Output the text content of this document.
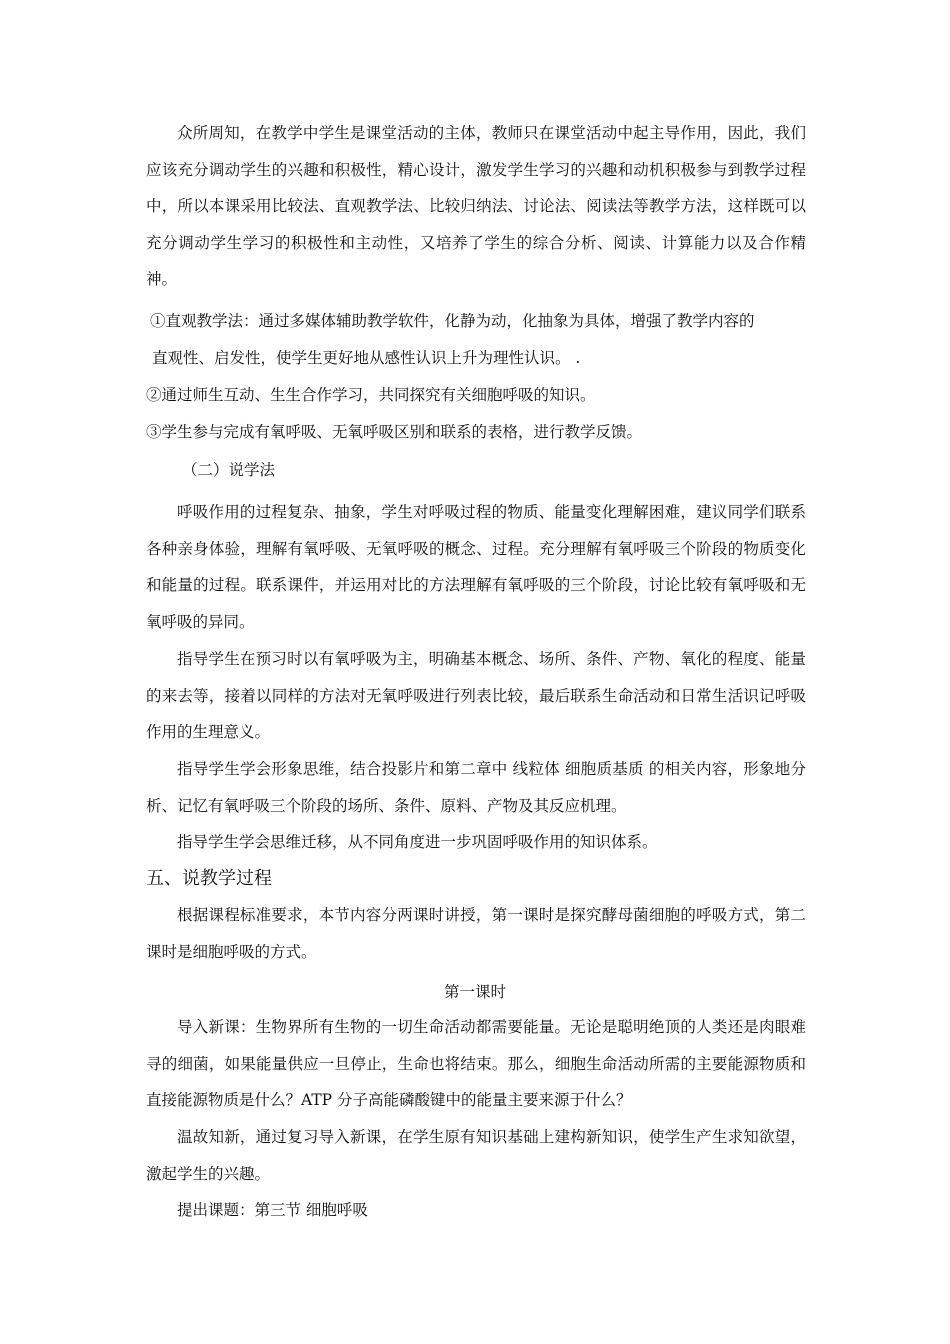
众所周知，在教学中学生是课堂活动的主体，教师只在课堂活动中起主导作用，因此，我们应该充分调动学生的兴趣和积极性，精心设计，激发学生学习的兴趣和动机积极参与到教学过程中，所以本课采用比较法、直观教学法、比较归纳法、讨论法、阅读法等教学方法，这样既可以充分调动学生学习的积极性和主动性，又培养了学生的综合分析、阅读、计算能力以及合作精神。

①直观教学法：通过多媒体辅助教学软件，化静为动，化抽象为具体，增强了教学内容的

直观性、启发性，使学生更好地从感性认识上升为理性认识。 .

②通过师生互动、生生合作学习，共同探究有关细胞呼吸的知识。

③学生参与完成有氧呼吸、无氧呼吸区别和联系的表格，进行教学反馈。

（二）说学法

呼吸作用的过程复杂、抽象，学生对呼吸过程的物质、能量变化理解困难，建议同学们联系各种亲身体验，理解有氧呼吸、无氧呼吸的概念、过程。充分理解有氧呼吸三个阶段的物质变化和能量的过程。联系课件，并运用对比的方法理解有氧呼吸的三个阶段，讨论比较有氧呼吸和无氧呼吸的异同。

指导学生在预习时以有氧呼吸为主，明确基本概念、场所、条件、产物、氧化的程度、能量的来去等，接着以同样的方法对无氧呼吸进行列表比较，最后联系生命活动和日常生活识记呼吸作用的生理意义。

指导学生学会形象思维，结合投影片和第二章中 线粒体 细胞质基质 的相关内容，形象地分析、记忆有氧呼吸三个阶段的场所、条件、原料、产物及其反应机理。

指导学生学会思维迁移，从不同角度进一步巩固呼吸作用的知识体系。

五、说教学过程

根据课程标准要求，本节内容分两课时讲授，第一课时是探究酵母菌细胞的呼吸方式，第二课时是细胞呼吸的方式。

第一课时

导入新课：生物界所有生物的一切生命活动都需要能量。无论是聪明绝顶的人类还是肉眼难寻的细菌，如果能量供应一旦停止，生命也将结束。那么，细胞生命活动所需的主要能源物质和直接能源物质是什么？ATP 分子高能磷酸键中的能量主要来源于什么？

温故知新，通过复习导入新课，在学生原有知识基础上建构新知识，使学生产生求知欲望，激起学生的兴趣。

提出课题：第三节 细胞呼吸
